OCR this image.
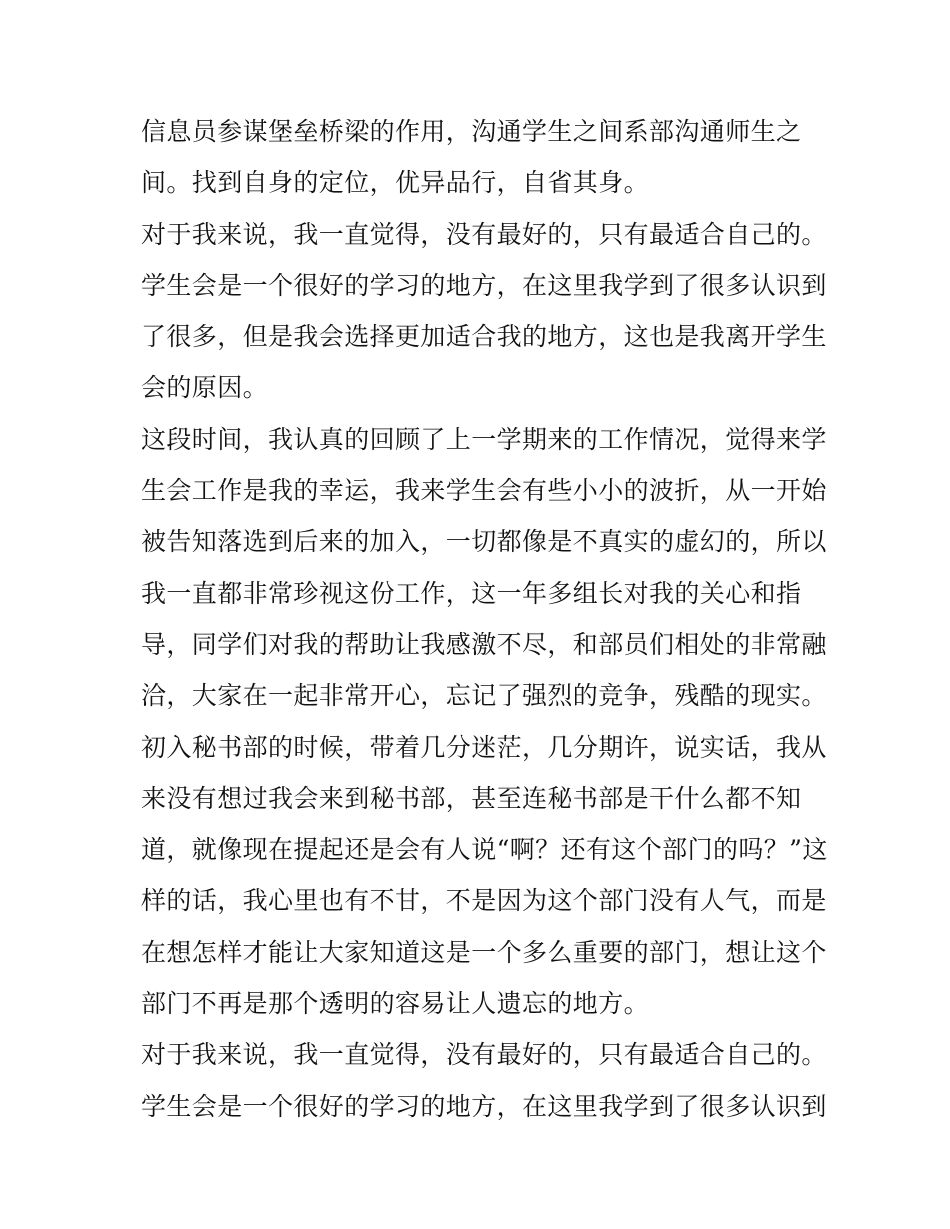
信息员参谋堡垒桥梁的作用，沟通学生之间系部沟通师生之
间。找到自身的定位，优异品行，自省其身。
对于我来说，我一直觉得，没有最好的，只有最适合自己的。
学生会是一个很好的学习的地方，在这里我学到了很多认识到
了很多，但是我会选择更加适合我的地方，这也是我离开学生
会的原因。
这段时间，我认真的回顾了上一学期来的工作情况，觉得来学
生会工作是我的幸运，我来学生会有些小小的波折，从一开始
被告知落选到后来的加入，一切都像是不真实的虚幻的，所以
我一直都非常珍视这份工作，这一年多组长对我的关心和指
导，同学们对我的帮助让我感激不尽，和部员们相处的非常融
洽，大家在一起非常开心，忘记了强烈的竞争，残酷的现实。
初入秘书部的时候，带着几分迷茫，几分期许，说实话，我从
来没有想过我会来到秘书部，甚至连秘书部是干什么都不知
道，就像现在提起还是会有人说“啊？还有这个部门的吗？”这
样的话，我心里也有不甘，不是因为这个部门没有人气，而是
在想怎样才能让大家知道这是一个多么重要的部门，想让这个
部门不再是那个透明的容易让人遗忘的地方。
对于我来说，我一直觉得，没有最好的，只有最适合自己的。
学生会是一个很好的学习的地方，在这里我学到了很多认识到
